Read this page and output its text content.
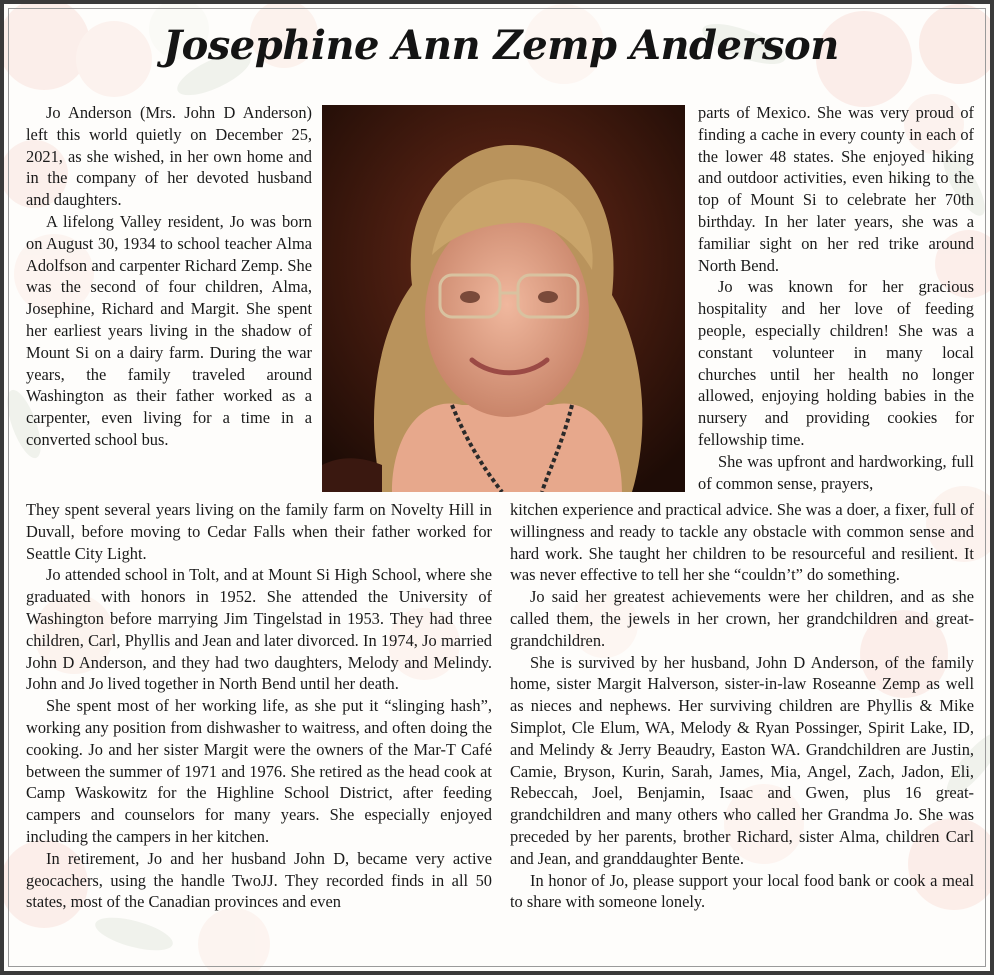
Josephine Ann Zemp Anderson

Jo Anderson (Mrs. John D Anderson) left this world quietly on December 25, 2021, as she wished, in her own home and in the company of her devoted husband and daughters.

A lifelong Valley resident, Jo was born on August 30, 1934 to school teacher Alma Adolfson and carpenter Richard Zemp. She was the second of four children, Alma, Josephine, Richard and Margit. She spent her earliest years living in the shadow of Mount Si on a dairy farm. During the war years, the family traveled around Washington as their father worked as a carpenter, even living for a time in a converted school bus.

They spent several years living on the family farm on Novelty Hill in Duvall, before moving to Cedar Falls when their father worked for Seattle City Light.

Jo attended school in Tolt, and at Mount Si High School, where she graduated with honors in 1952. She attended the University of Washington before marrying Jim Tingelstad in 1953. They had three children, Carl, Phyllis and Jean and later divorced. In 1974, Jo married John D Anderson, and they had two daughters, Melody and Melindy. John and Jo lived together in North Bend until her death.

She spent most of her working life, as she put it “slinging hash”, working any position from dishwasher to waitress, and often doing the cooking. Jo and her sister Margit were the owners of the Mar-T Café between the summer of 1971 and 1976. She retired as the head cook at Camp Waskowitz for the Highline School District, after feeding campers and counselors for many years. She especially enjoyed including the campers in her kitchen.

In retirement, Jo and her husband John D, became very active geocachers, using the handle TwoJJ. They recorded finds in all 50 states, most of the Canadian provinces and even

parts of Mexico. She was very proud of finding a cache in every county in each of the lower 48 states. She enjoyed hiking and outdoor activities, even hiking to the top of Mount Si to celebrate her 70th birthday. In her later years, she was a familiar sight on her red trike around North Bend.

Jo was known for her gracious hospitality and her love of feeding people, especially children! She was a constant volunteer in many local churches until her health no longer allowed, enjoying holding babies in the nursery and providing cookies for fellowship time.

She was upfront and hardworking, full of common sense, prayers,

kitchen experience and practical advice. She was a doer, a fixer, full of willingness and ready to tackle any obstacle with common sense and hard work. She taught her children to be resourceful and resilient. It was never effective to tell her she “couldn’t” do something.

Jo said her greatest achievements were her children, and as she called them, the jewels in her crown, her grandchildren and great-grandchildren.

She is survived by her husband, John D Anderson, of the family home, sister Margit Halverson, sister-in-law Roseanne Zemp as well as nieces and nephews. Her surviving children are Phyllis & Mike Simplot, Cle Elum, WA, Melody & Ryan Possinger, Spirit Lake, ID, and Melindy & Jerry Beaudry, Easton WA. Grandchildren are Justin, Camie, Bryson, Kurin, Sarah, James, Mia, Angel, Zach, Jadon, Eli, Rebeccah, Joel, Benjamin, Isaac and Gwen, plus 16 great-grandchildren and many others who called her Grandma Jo. She was preceded by her parents, brother Richard, sister Alma, children Carl and Jean, and granddaughter Bente.

In honor of Jo, please support your local food bank or cook a meal to share with someone lonely.
